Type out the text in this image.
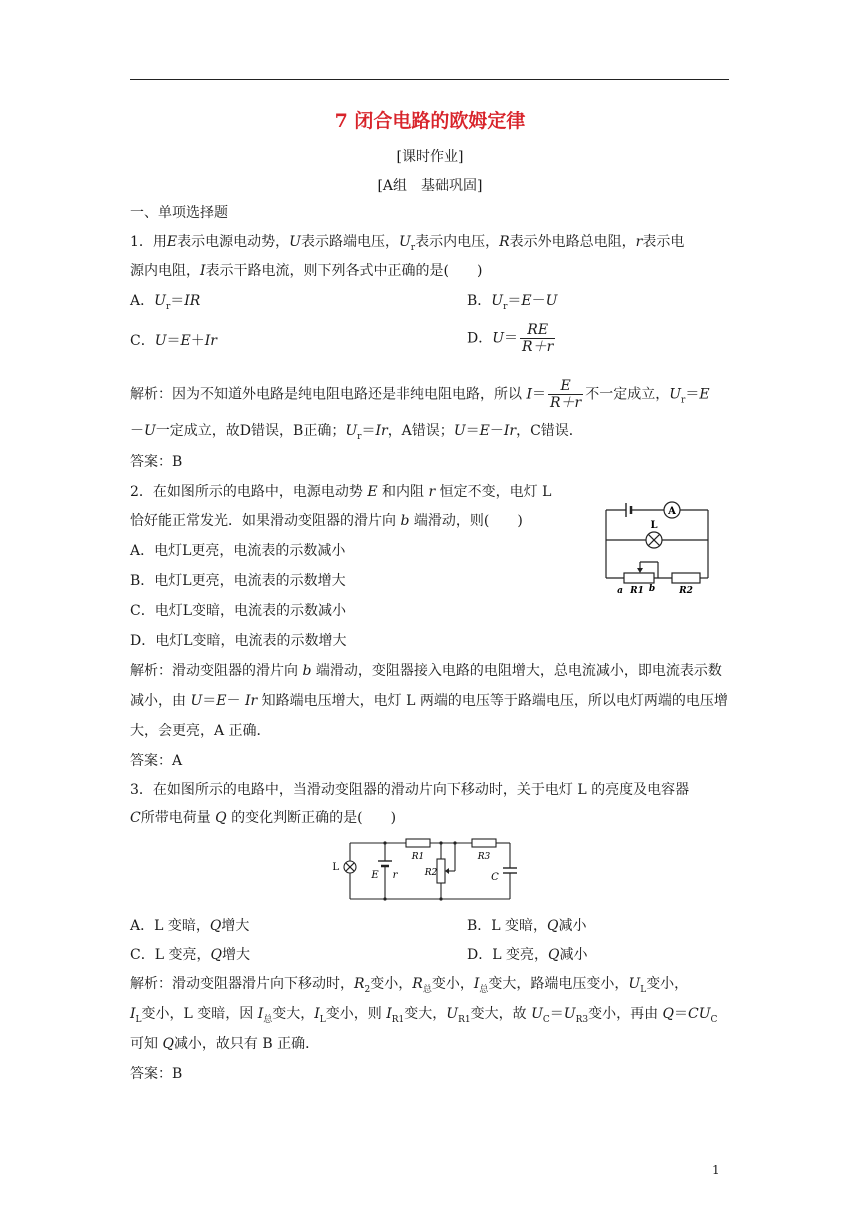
7 闭合电路的欧姆定律
[课时作业]
[A组　基础巩固]
一、单项选择题
1．用E表示电源电动势，U表示路端电压，$U_r$表示内电压，R表示外电路总电阻，r表示电
源内电阻，I表示干路电流，则下列各式中正确的是(　　)
A．$U_r=IR$	B．$U_r=E-U$
C．U＝E＋Ir	D．$U= \frac{RE}{R+r}$
解析：因为不知道外电路是纯电阻电路还是非纯电阻电路，所以 $I= \frac{E}{R+r}$ 不一定成立，$U_r=E$
－U一定成立，故D错误，B正确；$U_r=Ir$，A错误；U＝E－Ir，C错误．
答案：B
2．在如图所示的电路中，电源电动势 E 和内阻 r 恒定不变，电灯 L
恰好能正常发光．如果滑动变阻器的滑片向 b 端滑动，则(　　)
A．电灯L更亮，电流表的示数减小
B．电灯L更亮，电流表的示数增大
C．电灯L变暗，电流表的示数减小
D．电灯L变暗，电流表的示数增大
解析：滑动变阻器的滑片向 b 端滑动，变阻器接入电路的电阻增大，总电流减小，即电流表示数减小，由 U＝E－ Ir 知路端电压增大，电灯 L 两端的电压等于路端电压，所以电灯两端的电压增大，会更亮，A 正确．
答案：A
A
L
a R1 b	R2
3．在如图所示的电路中，当滑动变阻器的滑动片向下移动时，关于电灯 L 的亮度及电容器
C所带电荷量 Q 的变化判断正确的是(　　)
L
E r
R1
R2
R3
C
A．L 变暗，Q增大	B．L 变暗，Q减小
C．L 变亮，Q增大	D．L 变亮，Q减小
解析：滑动变阻器滑片向下移动时，$R_2$变小，$R_总$变小，$I_总$变大，路端电压变小，$U_L$变小，
$I_L$变小，L 变暗，因 $I_总$变大，$I_L$变小，则 $I_{R1}$变大，$U_{R1}$变大，故 $U_C=U_{R3}$变小，再由 $Q=CU_C$
可知 Q减小，故只有 B 正确．
答案：B
1
